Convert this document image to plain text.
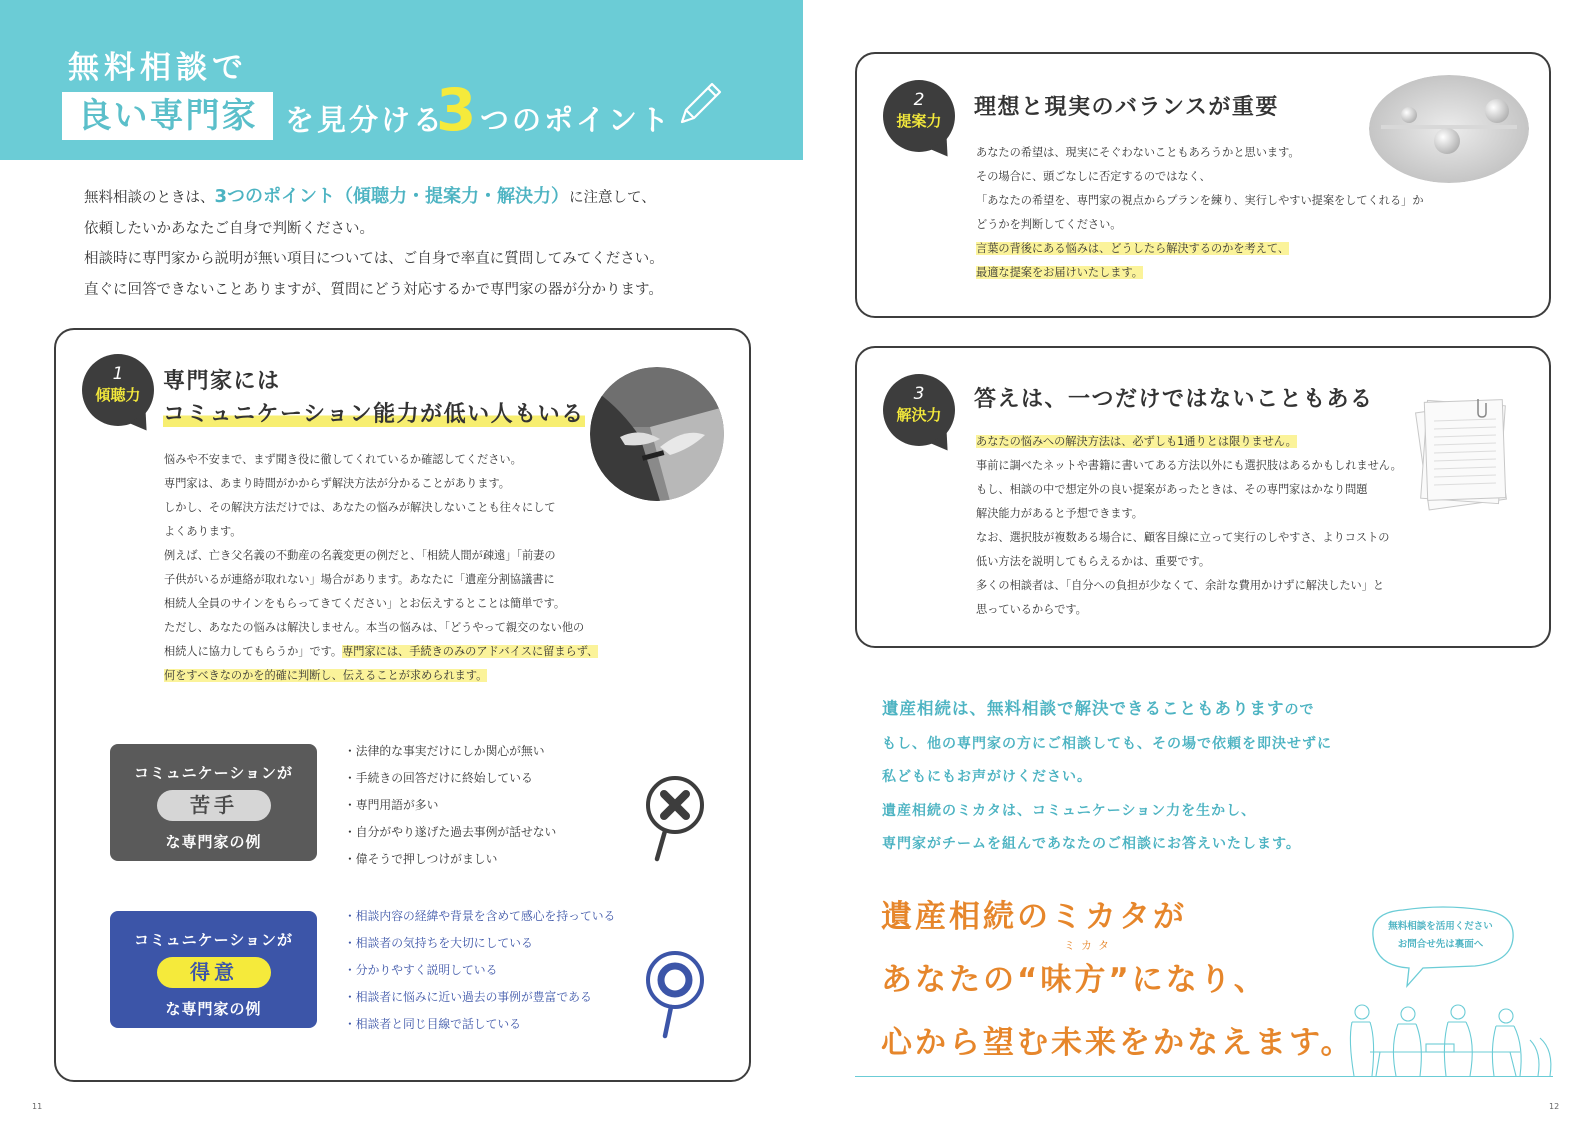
無料相談で
良い専門家 を見分ける
3 つのポイント

無料相談のときは、3つのポイント（傾聴力・提案力・解決力）に注意して、

依頼したいかあなたご自身で判断ください。

相談時に専門家から説明が無い項目については、ご自身で率直に質問してみてください。

直ぐに回答できないことありますが、質問にどう対応するかで専門家の器が分かります。

1
傾聴力
専門家には
コミュニケーション能力が低い人もいる

悩みや不安まで、まず聞き役に徹してくれているか確認してください。

専門家は、あまり時間がかからず解決方法が分かることがあります。

しかし、その解決方法だけでは、あなたの悩みが解決しないことも往々にして

よくあります。

例えば、亡き父名義の不動産の名義変更の例だと、「相続人間が疎遠」「前妻の

子供がいるが連絡が取れない」場合があります。あなたに「遺産分割協議書に

相続人全員のサインをもらってきてください」とお伝えするとことは簡単です。

ただし、あなたの悩みは解決しません。本当の悩みは、「どうやって親交のない他の

相続人に協力してもらうか」です。専門家には、手続きのみのアドバイスに留まらず、

何をすべきなのかを的確に判断し、伝えることが求められます。

コミュニケーションが
苦手
な専門家の例
・法律的な事実だけにしか関心が無い
・手続きの回答だけに終始している
・専門用語が多い
・自分がやり遂げた過去事例が話せない
・偉そうで押しつけがましい
コミュニケーションが
得意
な専門家の例
・相談内容の経緯や背景を含めて感心を持っている
・相談者の気持ちを大切にしている
・分かりやすく説明している
・相談者に悩みに近い過去の事例が豊富である
・相談者と同じ目線で話している
2
提案力
理想と現実のバランスが重要

あなたの希望は、現実にそぐわないこともあろうかと思います。

その場合に、頭ごなしに否定するのではなく、

「あなたの希望を、専門家の視点からプランを練り、実行しやすい提案をしてくれる」か

どうかを判断してください。

言葉の背後にある悩みは、どうしたら解決するのかを考えて、

最適な提案をお届けいたします。

3
解決力
答えは、一つだけではないこともある

あなたの悩みへの解決方法は、必ずしも1通りとは限りません。

事前に調べたネットや書籍に書いてある方法以外にも選択肢はあるかもしれません。

もし、相談の中で想定外の良い提案があったときは、その専門家はかなり問題

解決能力があると予想できます。

なお、選択肢が複数ある場合に、顧客目線に立って実行のしやすさ、よりコストの

低い方法を説明してもらえるかは、重要です。

多くの相談者は、「自分への負担が少なくて、余計な費用かけずに解決したい」と

思っているからです。

遺産相続は、無料相談で解決できることもありますので

もし、他の専門家の方にご相談しても、その場で依頼を即決せずに

私どもにもお声がけください。

遺産相続のミカタは、コミュニケーション力を生かし、

専門家がチームを組んであなたのご相談にお答えいたします。

遺産相続のミカタが

あなたの“味方”になり、

心から望む未来をかなえます。

ミカタ

無料相談を活用ください

お問合せ先は裏面へ

11	12
